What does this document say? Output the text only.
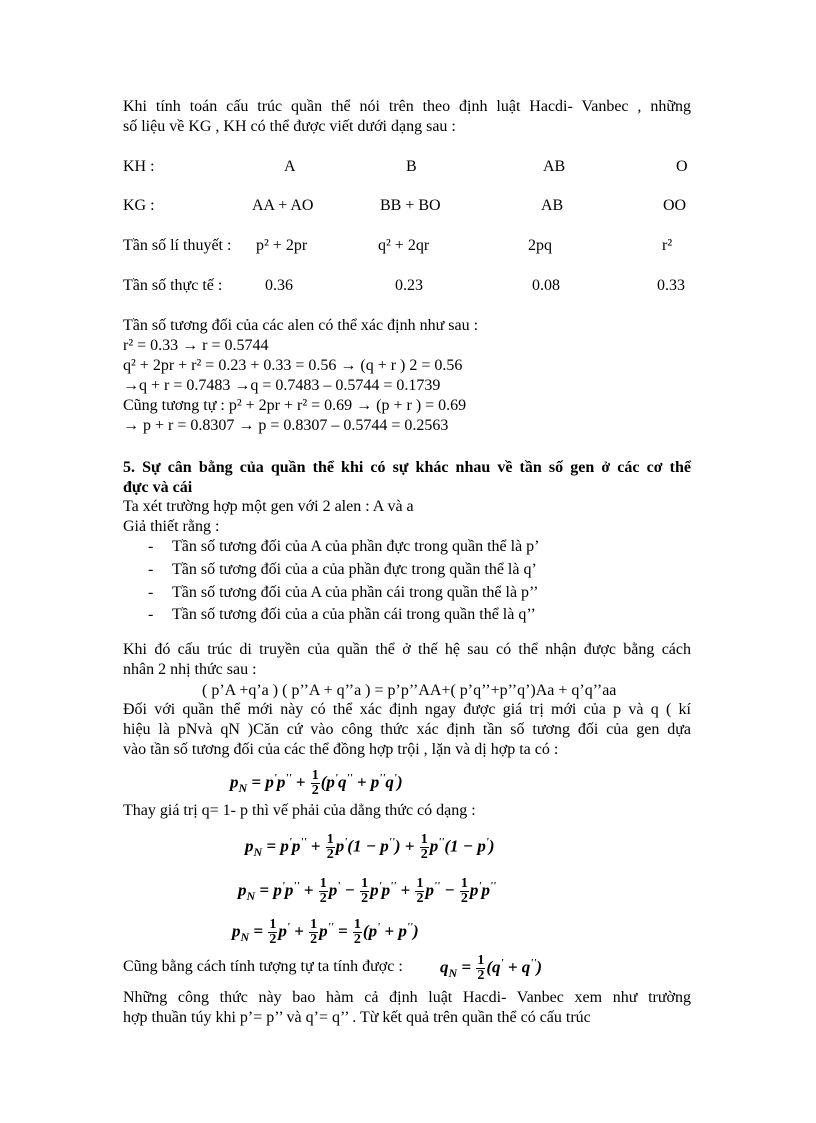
Khi tính toán cấu trúc quần thể nói trên theo định luật Hacdi- Vanbec , những
số liệu về KG , KH có thể được viết dưới dạng sau :
KH :	A	B	AB	O
KG :	AA + AO	BB + BO	AB	OO
Tần số lí thuyết : p² + 2pr	q² + 2qr	2pq	r²
Tần số thực tế :	0.36	0.23	0.08	0.33
Tần số tương đối của các alen có thể xác định như sau :
r² = 0.33 → r = 0.5744
q² + 2pr + r² = 0.23 + 0.33 = 0.56 → (q + r ) 2 = 0.56
→q + r = 0.7483 →q = 0.7483 – 0.5744 = 0.1739
Cũng tương tự : p² + 2pr + r² = 0.69 → (p + r ) = 0.69
→ p + r = 0.8307 → p = 0.8307 – 0.5744 = 0.2563
5. Sự cân bằng của quần thể khi có sự khác nhau về tần số gen ở các cơ thể
đực và cái
Ta xét trường hợp một gen với 2 alen : A và a
Giả thiết rằng :
- Tần số tương đối của A của phần đực trong quần thể là p’
- Tần số tương đối của a của phần đực trong quần thể là q’
- Tần số tương đối của A của phần cái trong quần thể là p’’
- Tần số tương đối của a của phần cái trong quần thể là q’’
Khi đó cấu trúc di truyền của quần thể ở thế hệ sau có thể nhận được bằng cách
nhân 2 nhị thức sau :
( p’A +q’a ) ( p’’A + q’’a ) = p’p’’AA+( p’q’’+p’’q’)Aa + q’q’’aa
Đối với quần thể mới này có thể xác định ngay được giá trị mới của p và q ( kí
hiệu là pNvà qN )Căn cứ vào công thức xác định tần số tương đối của gen dựa
vào tần số tương đối của các thể đồng hợp trội , lặn và dị hợp ta có :
$p_N = p'p'' + \frac{1}{2} (p'q'' + p''q')$
Thay giá trị q= 1- p thì vế phải của dẳng thức có dạng :
$p_N = p'p'' + \frac{1}{2} p'(1 - p'') + \frac{1}{2} p''(1 - p')$
$p_N = p'p'' + \frac{1}{2} p' - \frac{1}{2} p'p'' + \frac{1}{2} p'' - \frac{1}{2} p'p''$
$p_N = \frac{1}{2} p' + \frac{1}{2} p'' = \frac{1}{2} (p' + p'')$
Cũng bằng cách tính tượng tự ta tính được : $q_N = \frac{1}{2} (q' + q'')$
Những công thức này bao hàm cả định luật Hacdi- Vanbec xem như trường
hợp thuần túy khi p’= p’’ và q’= q’’ . Từ kết quả trên quần thể có cấu trúc
